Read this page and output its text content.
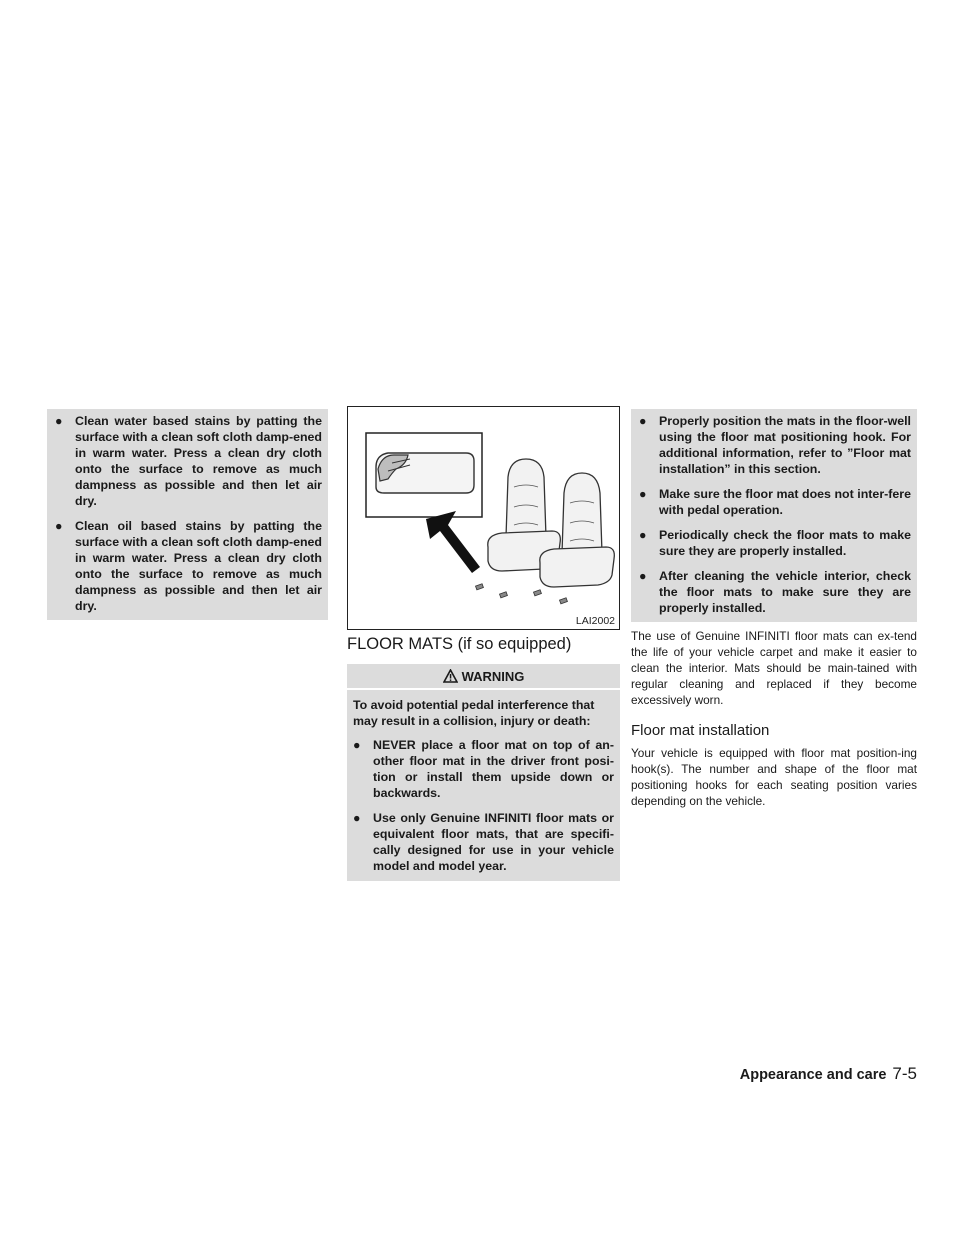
● Clean water based stains by patting the surface with a clean soft cloth damp-ened in warm water. Press a clean dry cloth onto the surface to remove as much dampness as possible and then let air dry.
● Clean oil based stains by patting the surface with a clean soft cloth damp-ened in warm water. Press a clean dry cloth onto the surface to remove as much dampness as possible and then let air dry.
LAI2002
FLOOR MATS (if so equipped)
WARNING

To avoid potential pedal interference that may result in a collision, injury or death:

● NEVER place a floor mat on top of an-other floor mat in the driver front posi-tion or install them upside down or backwards.
● Use only Genuine INFINITI floor mats or equivalent floor mats, that are specifi-cally designed for use in your vehicle model and model year.
● Properly position the mats in the floor-well using the floor mat positioning hook. For additional information, refer to ”Floor mat installation” in this section.
● Make sure the floor mat does not inter-fere with pedal operation.
● Periodically check the floor mats to make sure they are properly installed.
● After cleaning the vehicle interior, check the floor mats to make sure they are properly installed.

The use of Genuine INFINITI floor mats can ex-tend the life of your vehicle carpet and make it easier to clean the interior. Mats should be main-tained with regular cleaning and replaced if they become excessively worn.

Floor mat installation

Your vehicle is equipped with floor mat position-ing hook(s). The number and shape of the floor mat positioning hooks for each seating position varies depending on the vehicle.

Appearance and care 7-5
